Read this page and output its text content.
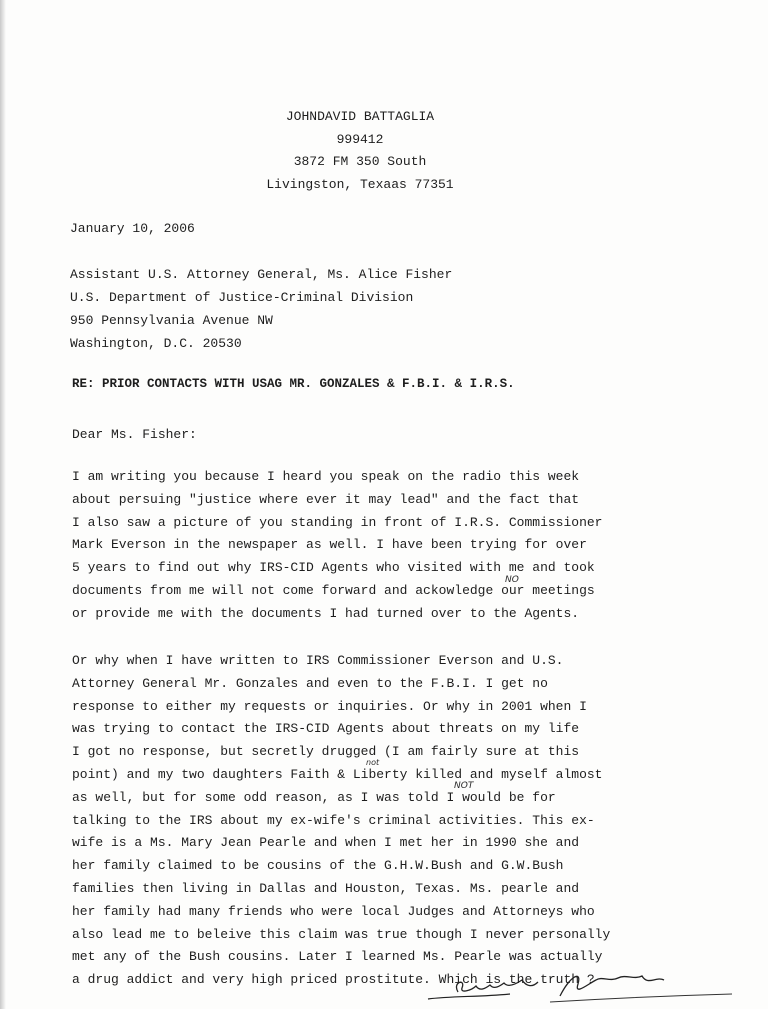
JOHNDAVID BATTAGLIA
999412
3872 FM 350 South
Livingston, Texaas 77351
January 10, 2006
Assistant U.S. Attorney General, Ms. Alice Fisher
U.S. Department of Justice-Criminal Division
950 Pennsylvania Avenue NW
Washington, D.C. 20530
RE: PRIOR CONTACTS WITH USAG MR. GONZALES & F.B.I. & I.R.S.
Dear Ms. Fisher:
I am writing you because I heard you speak on the radio this week
about persuing "justice where ever it may lead" and the fact that
I also saw a picture of you standing in front of I.R.S. Commissioner
Mark Everson in the newspaper as well. I have been trying for over
5 years to find out why IRS-CID Agents who visited with me and took
documents from me will not come forward and ackowledge our meetings
or provide me with the documents I had turned over to the Agents.
Or why when I have written to IRS Commissioner Everson and U.S.
Attorney General Mr. Gonzales and even to the F.B.I. I get no
response to either my requests or inquiries. Or why in 2001 when I
was trying to contact the IRS-CID Agents about threats on my life
I got no response, but secretly drugged (I am fairly sure at this
point) and my two daughters Faith & Liberty killed and myself almost
as well, but for some odd reason, as I was told I would be for
talking to the IRS about my ex-wife's criminal activities. This ex-
wife is a Ms. Mary Jean Pearle and when I met her in 1990 she and
her family claimed to be cousins of the G.H.W.Bush and G.W.Bush
families then living in Dallas and Houston, Texas. Ms. pearle and
her family had many friends who were local Judges and Attorneys who
also lead me to beleive this claim was true though I never personally
met any of the Bush cousins. Later I learned Ms. Pearle was actually
a drug addict and very high priced prostitute. Which is the truth ?
NO
not
NOT
